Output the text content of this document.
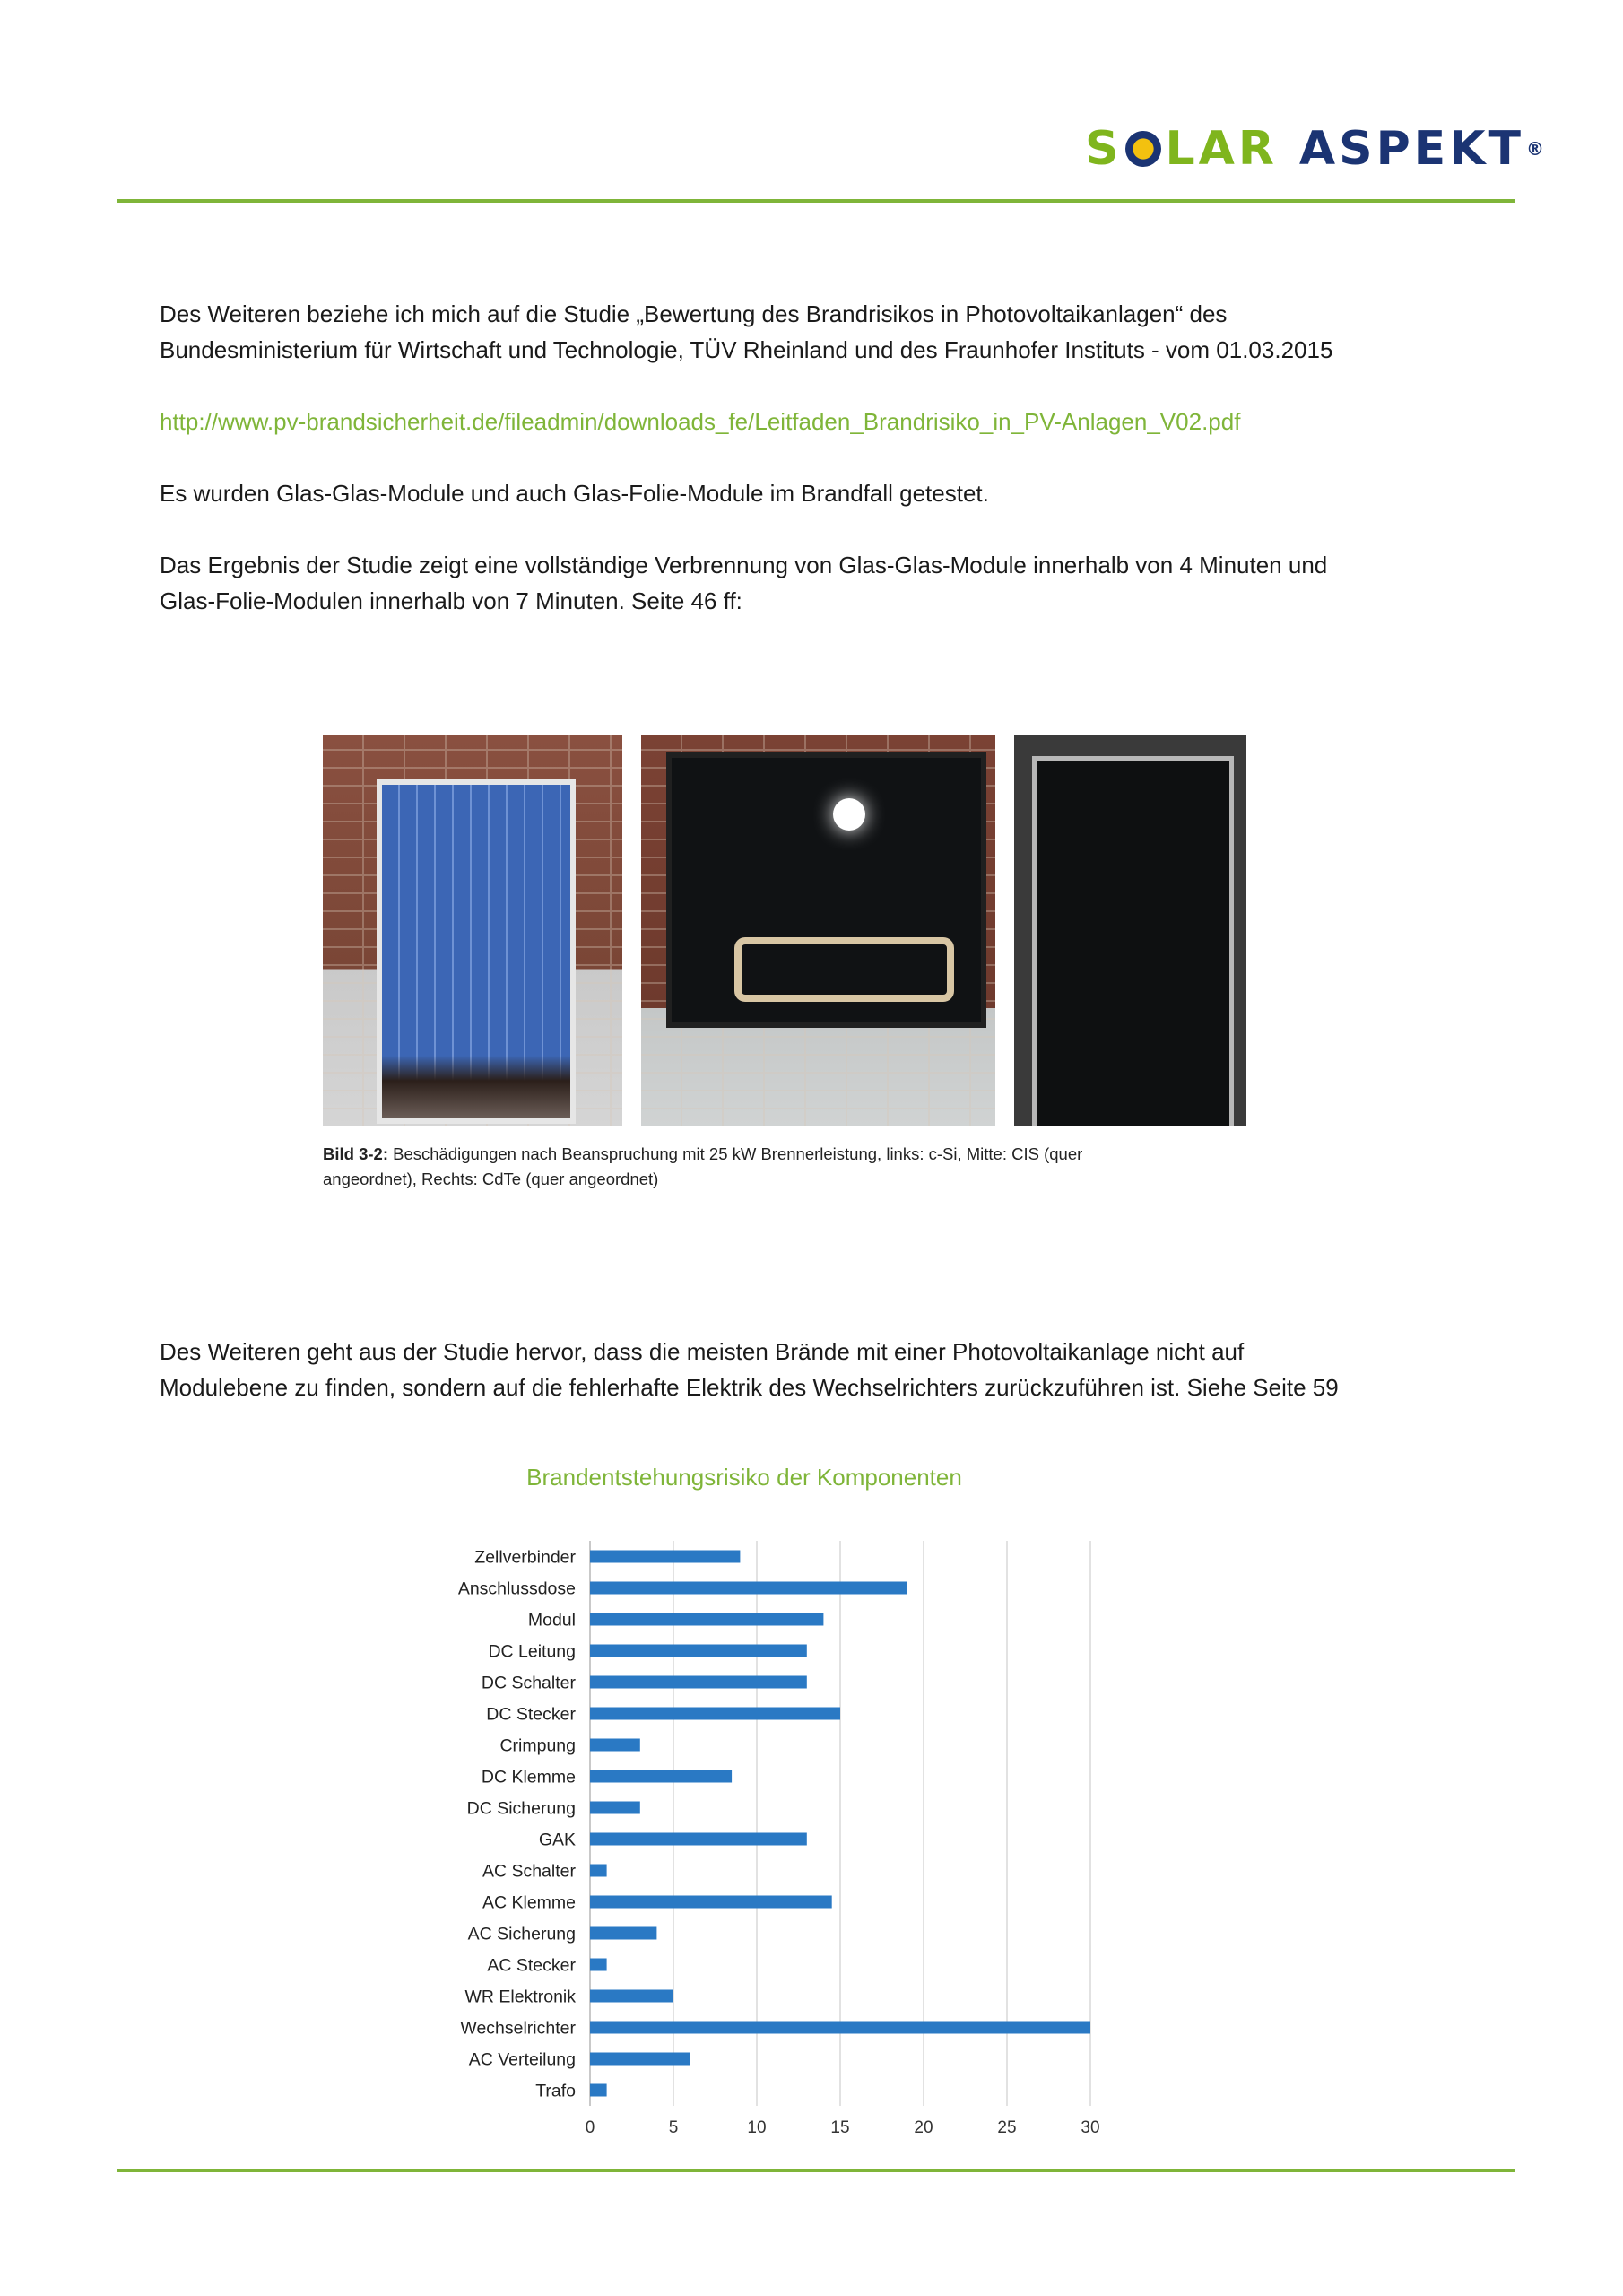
S LAR ASPEKT ®

Des Weiteren beziehe ich mich auf die Studie „Bewertung des Brandrisikos in Photovoltaikanlagen“ des
Bundesministerium für Wirtschaft und Technologie, TÜV Rheinland und des Fraunhofer Instituts - vom 01.03.2015

http://www.pv-brandsicherheit.de/fileadmin/downloads_fe/Leitfaden_Brandrisiko_in_PV-Anlagen_V02.pdf

Es wurden Glas-Glas-Module und auch Glas-Folie-Module im Brandfall getestet.

Das Ergebnis der Studie zeigt eine vollständige Verbrennung von Glas-Glas-Module innerhalb von 4 Minuten und
Glas-Folie-Modulen innerhalb von 7 Minuten. Seite 46 ff:

Bild 3-2: Beschädigungen nach Beanspruchung mit 25 kW Brennerleistung, links: c-Si, Mitte: CIS (quer
angeordnet), Rechts: CdTe (quer angeordnet)

Des Weiteren geht aus der Studie hervor, dass die meisten Brände mit einer Photovoltaikanlage nicht auf
Modulebene zu finden, sondern auf die fehlerhafte Elektrik des Wechselrichters zurückzuführen ist. Siehe Seite 59

Brandentstehungsrisiko der Komponenten
0	5	10	15	20	25	30
Zellverbinder
Anschlussdose
Modul
DC Leitung
DC Schalter
DC Stecker
Crimpung
DC Klemme
DC Sicherung
GAK
AC Schalter
AC Klemme
AC Sicherung
AC Stecker
WR Elektronik
Wechselrichter
AC Verteilung
Trafo
